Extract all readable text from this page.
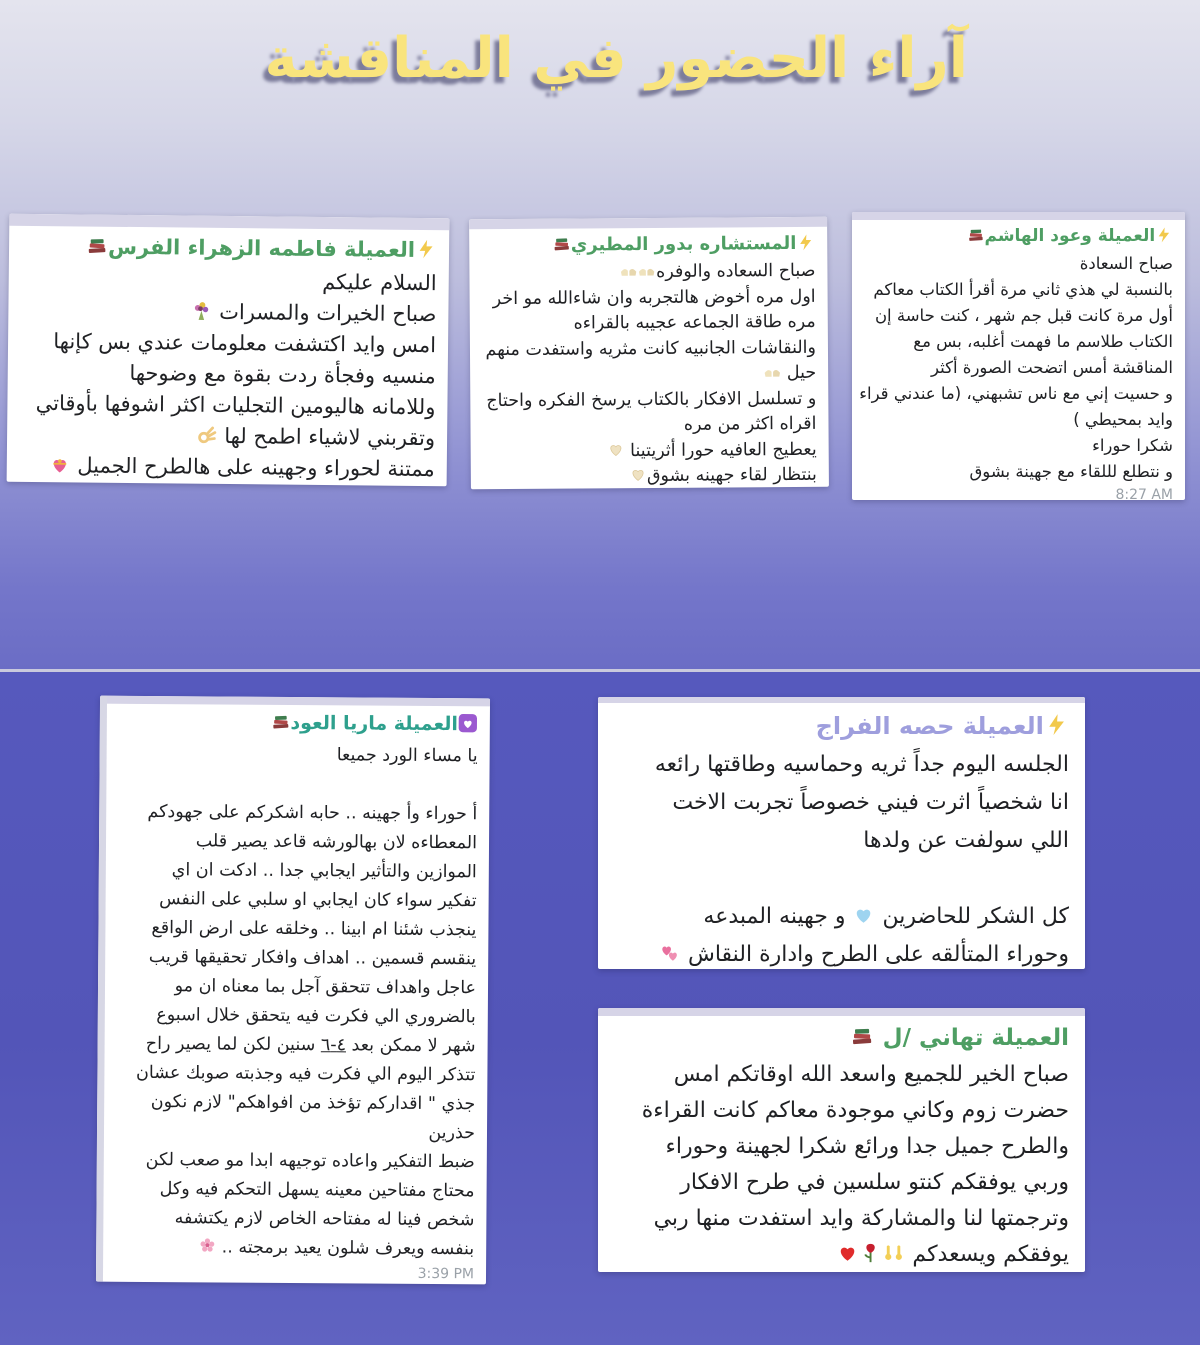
آراء الحضور في المناقشة
العميلة فاطمه الزهراء الفرس
السلام عليكم
صباح الخيرات والمسرات
امس وايد اكتشفت معلومات عندي بس كإنها
منسيه وفجأة ردت بقوة مع وضوحها
وللامانه هاليومين التجليات اكثر اشوفها بأوقاتي
وتقربني لاشياء اطمح لها
ممتنة لحوراء وجهينه على هالطرح الجميل
المستشاره بدور المطيري
صباح السعاده والوفره
اول مره أخوض هالتجربه وان شاءالله مو اخر
مره طاقة الجماعه عجيبه بالقراءه
والنقاشات الجانبيه كانت مثريه واستفدت منهم
حيل
و تسلسل الافكار بالكتاب يرسخ الفكره واحتاج
اقراه اكثر من مره
يعطيج العافيه حورا أثريتينا
بنتظار لقاء جهينه بشوق
العميلة وعود الهاشم
صباح السعادة
بالنسبة لي هذي ثاني مرة أقرأ الكتاب معاكم
أول مرة كانت قبل جم شهر ، كنت حاسة إن
الكتاب طلاسم ما فهمت أغلبه، بس مع
المناقشة أمس اتضحت الصورة أكثر
و حسيت إني مع ناس تشبهني، (ما عندني قراء
وايد بمحيطي )
شكرا حوراء
و نتطلع لللقاء مع جهينة بشوق
8:27 AM
العميلة ماريا العود
يا مساء الورد جميعا

أ حوراء وأ جهينه .. حابه اشكركم على جهودكم
المعطاءه لان بهالورشه قاعد يصير قلب
الموازين والتأثير ايجابي جدا .. ادكت ان اي
تفكير سواء كان ايجابي او سلبي على النفس
ينجذب شئنا ام ابينا .. وخلقه على ارض الواقع
ينقسم قسمين .. اهداف وافكار تحقيقها قريب
عاجل واهداف تتحقق آجل بما معناه ان مو
بالضروري الي فكرت فيه يتحقق خلال اسبوع
شهر لا ممكن بعد ٤-٦ سنين لكن لما يصير راح
تتذكر اليوم الي فكرت فيه وجذبته صوبك عشان
جذي " اقداركم تؤخذ من افواهكم" لازم نكون
حذرين
ضبط التفكير واعاده توجيهه ابدا مو صعب لكن
محتاج مفتاحين معينه يسهل التحكم فيه وكل
شخص فينا له مفتاحه الخاص لازم يكتشفه
بنفسه ويعرف شلون يعيد برمجته ..
3:39 PM
العميلة حصه الفراج
الجلسه اليوم جداً ثريه وحماسيه وطاقتها رائعه
انا شخصياً اثرت فيني خصوصاً تجربت الاخت
اللي سولفت عن ولدها

كل الشكر للحاضرين
و جهينه المبدعه
وحوراء المتألقه على الطرح وادارة النقاش
العميلة تهاني /ل
صباح الخير للجميع واسعد الله اوقاتكم امس
حضرت زوم وكاني موجودة معاكم كانت القراءة
والطرح جميل جدا ورائع شكرا لجهينة وحوراء
وربي يوفقكم كنتو سلسين في طرح الافكار
وترجمتها لنا والمشاركة وايد استفدت منها ربي
يوفقكم ويسعدكم
